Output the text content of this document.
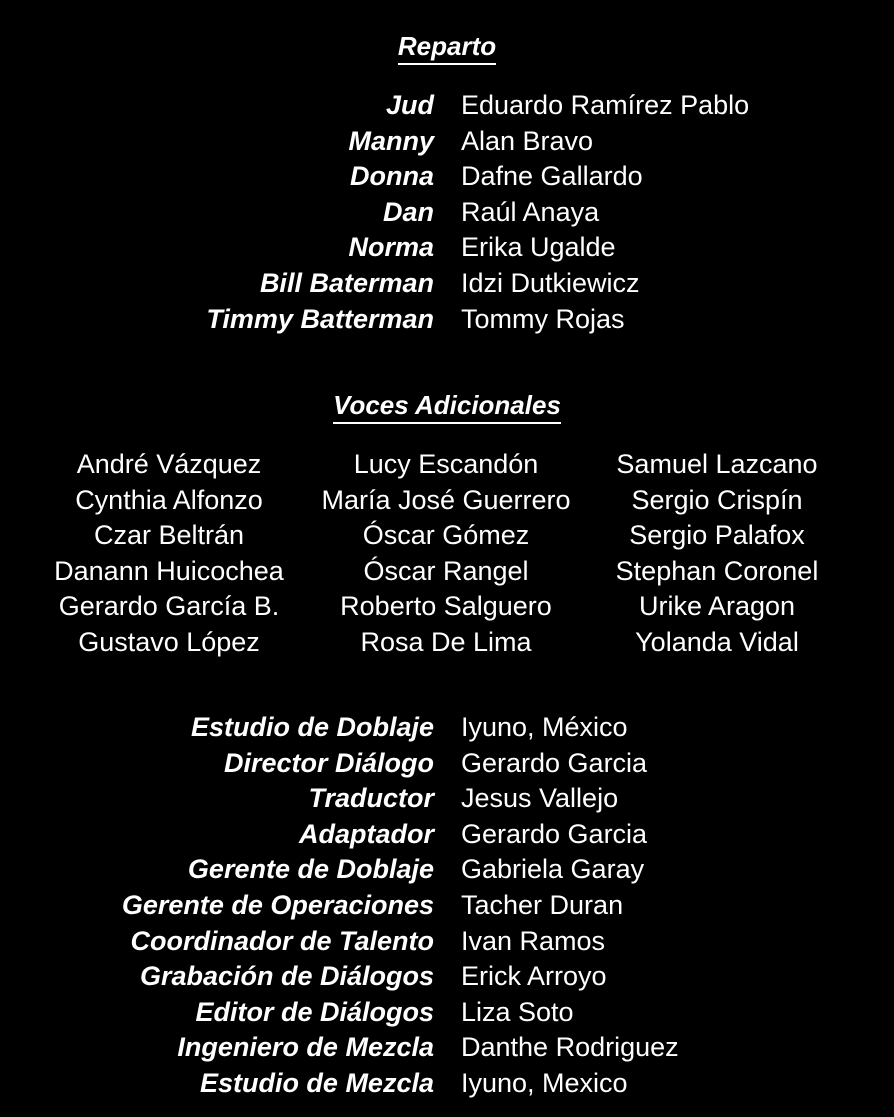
Reparto
Jud Eduardo Ramírez Pablo
Manny Alan Bravo
Donna Dafne Gallardo
Dan Raúl Anaya
Norma Erika Ugalde
Bill Baterman Idzi Dutkiewicz
Timmy Batterman Tommy Rojas
Voces Adicionales
André Vázquez
Cynthia Alfonzo
Czar Beltrán
Danann Huicochea
Gerardo García B.
Gustavo López
Lucy Escandón
María José Guerrero
Óscar Gómez
Óscar Rangel
Roberto Salguero
Rosa De Lima
Samuel Lazcano
Sergio Crispín
Sergio Palafox
Stephan Coronel
Urike Aragon
Yolanda Vidal
Estudio de Doblaje Iyuno, México
Director Diálogo Gerardo Garcia
Traductor Jesus Vallejo
Adaptador Gerardo Garcia
Gerente de Doblaje Gabriela Garay
Gerente de Operaciones Tacher Duran
Coordinador de Talento Ivan Ramos
Grabación de Diálogos Erick Arroyo
Editor de Diálogos Liza Soto
Ingeniero de Mezcla Danthe Rodriguez
Estudio de Mezcla Iyuno, Mexico
